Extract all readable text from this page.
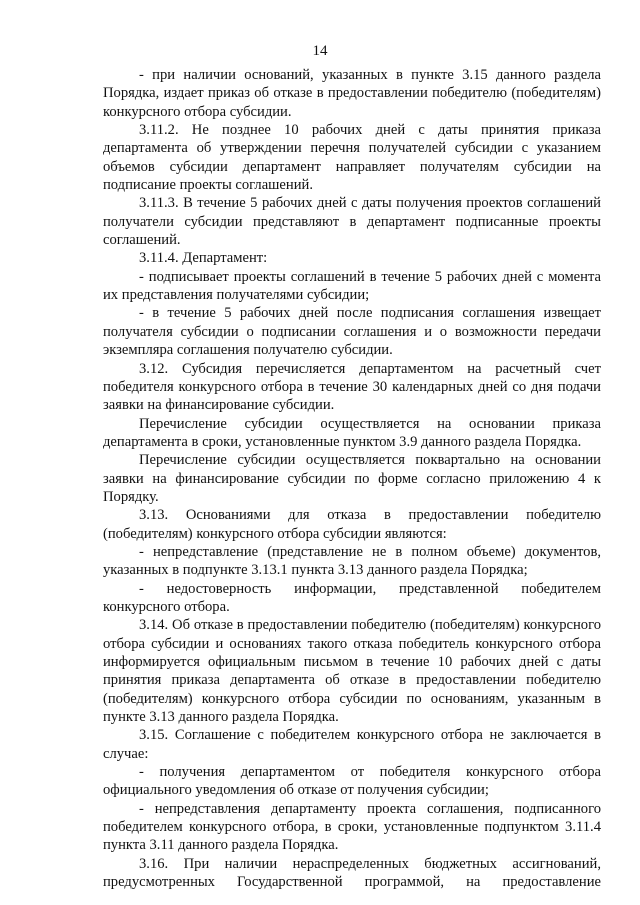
14

- при наличии оснований, указанных в пункте 3.15 данного раздела Порядка, издает приказ об отказе в предоставлении победителю (победителям) конкурсного отбора субсидии.

3.11.2. Не позднее 10 рабочих дней с даты принятия приказа департамента об утверждении перечня получателей субсидии с указанием объемов субсидии департамент направляет получателям субсидии на подписание проекты соглашений.

3.11.3. В течение 5 рабочих дней с даты получения проектов соглашений получатели субсидии представляют в департамент подписанные проекты соглашений.

3.11.4. Департамент:

- подписывает проекты соглашений в течение 5 рабочих дней с момента их представления получателями субсидии;

- в течение 5 рабочих дней после подписания соглашения извещает получателя субсидии о подписании соглашения и о возможности передачи экземпляра соглашения получателю субсидии.

3.12. Субсидия перечисляется департаментом на расчетный счет победителя конкурсного отбора в течение 30 календарных дней со дня подачи заявки на финансирование субсидии.

Перечисление субсидии осуществляется на основании приказа департамента в сроки, установленные пунктом 3.9 данного раздела Порядка.

Перечисление субсидии осуществляется поквартально на основании заявки на финансирование субсидии по форме согласно приложению 4 к Порядку.

3.13. Основаниями для отказа в предоставлении победителю (победителям) конкурсного отбора субсидии являются:

- непредставление (представление не в полном объеме) документов, указанных в подпункте 3.13.1 пункта 3.13 данного раздела Порядка;

- недостоверность информации, представленной победителем конкурсного отбора.

3.14. Об отказе в предоставлении победителю (победителям) конкурсного отбора субсидии и основаниях такого отказа победитель конкурсного отбора информируется официальным письмом в течение 10 рабочих дней с даты принятия приказа департамента об отказе в предоставлении победителю (победителям) конкурсного отбора субсидии по основаниям, указанным в пункте 3.13 данного раздела Порядка.

3.15. Соглашение с победителем конкурсного отбора не заключается в случае:

- получения департаментом от победителя конкурсного отбора официального уведомления об отказе от получения субсидии;

- непредставления департаменту проекта соглашения, подписанного победителем конкурсного отбора, в сроки, установленные подпунктом 3.11.4 пункта 3.11 данного раздела Порядка.

3.16. При наличии нераспределенных бюджетных ассигнований, предусмотренных Государственной программой, на предоставление
